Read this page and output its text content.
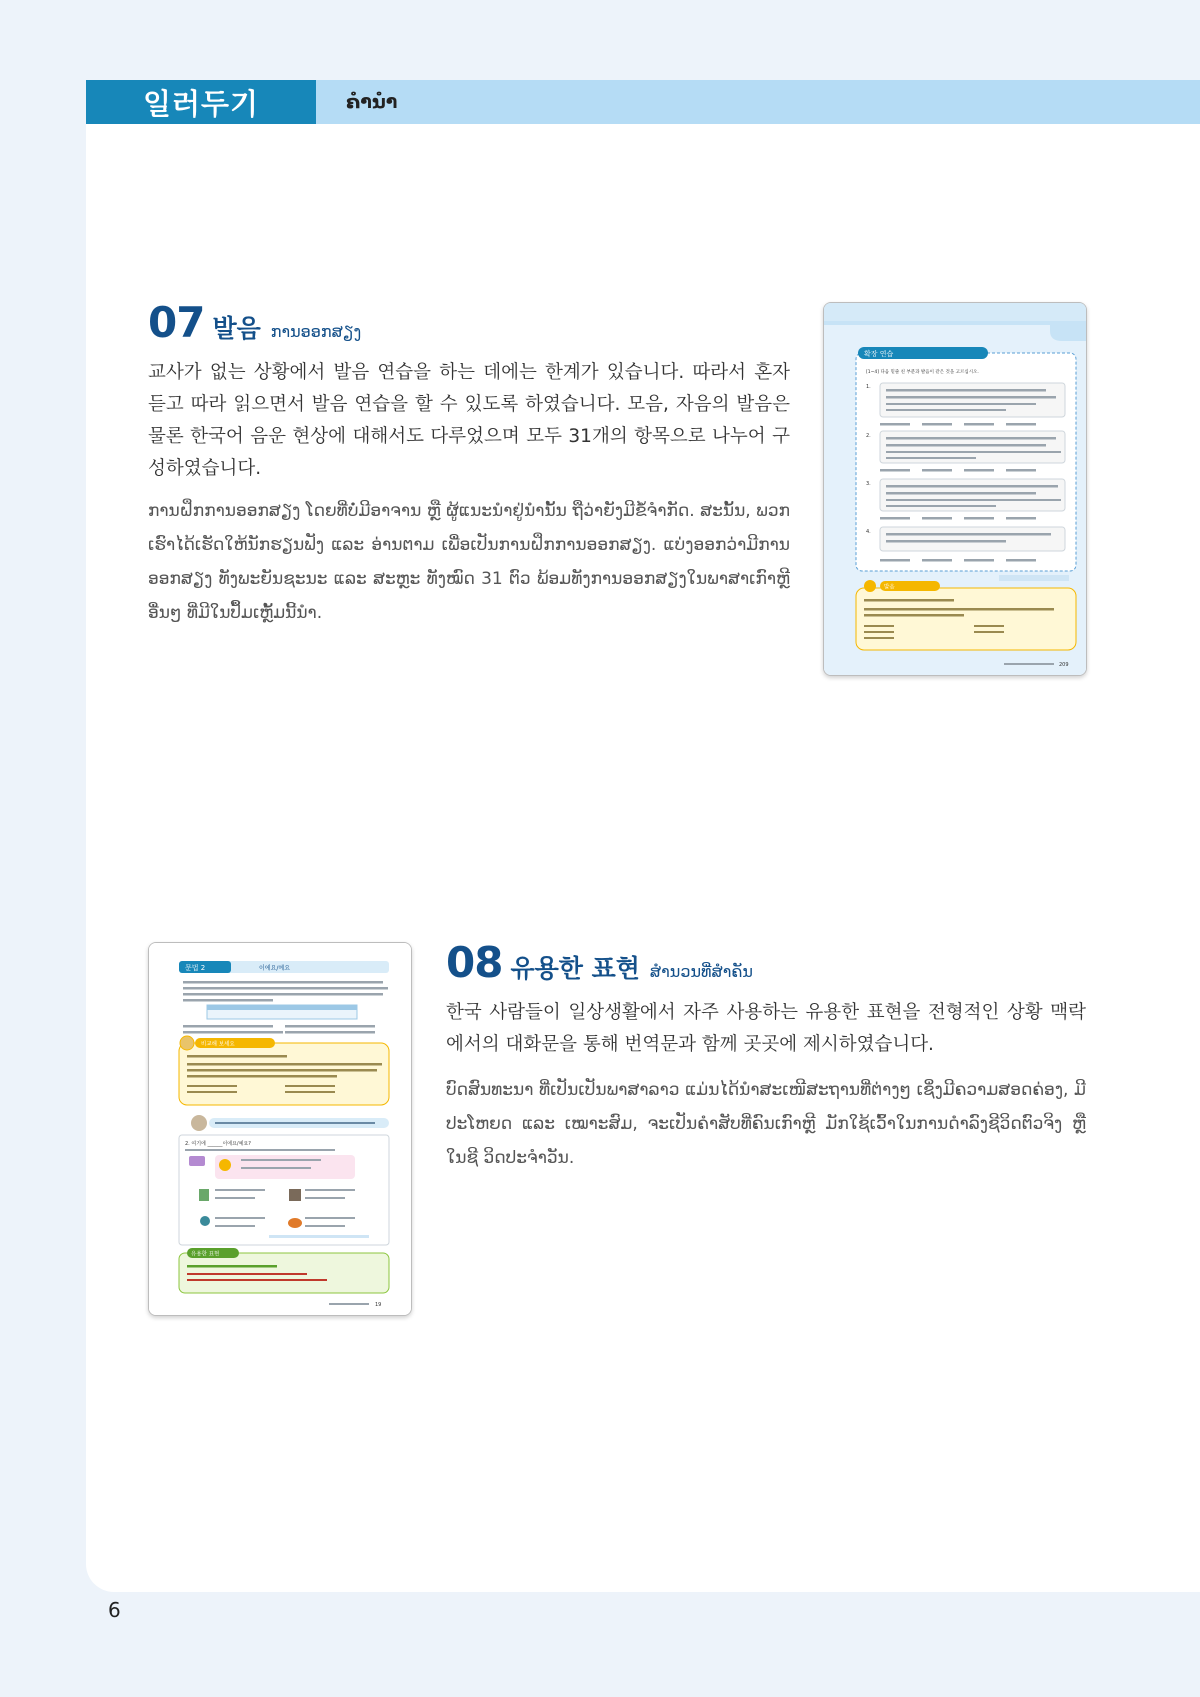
일러두기	ຄຳນຳ
07 발음 ການອອກສຽງ

교사가 없는 상황에서 발음 연습을 하는 데에는 한계가 있습니다. 따라서 혼자 듣고 따라 읽으면서 발음 연습을 할 수 있도록 하였습니다. 모음, 자음의 발음은 물론 한국어 음운 현상에 대해서도 다루었으며 모두 31개의 항목으로 나누어 구성하였습니다.

ການຝຶກການອອກສຽງ ໂດຍທີ່ບໍ່ມີອາຈານ ຫຼື ຜູ້ແນະນຳຢູ່ນຳນັ້ນ ຖືວ່າຍັງມີຂໍ້ຈຳກັດ. ສະນັ້ນ, ພວກເຮົາໄດ້ເຮັດໃຫ້ນັກຮຽນຟັງ ແລະ ອ່ານຕາມ ເພື່ອເປັນການຝຶກການອອກສຽງ. ແບ່ງອອກວ່າມີການອອກສຽງ ທັງພະຍັນຊະນະ ແລະ ສະຫຼະ ທັງໝົດ 31 ຕົວ ພ້ອມທັງການອອກສຽງໃນພາສາເກົາຫຼີອື່ນໆ ທີ່ມີໃນປຶ້ມເຫຼັ້ມນີ້ນຳ.

확장 연습
[1~4] 다음 밑줄 친 부분과 발음이 같은 것을 고르십시오.
1.
2.
3.
4.
발음
209
문법 2	이에요/예요
비교해 보세요
2. 여기에 ______이에요/예요?
유용한 표현
19
08 유용한 표현 ສຳນວນທີ່ສຳຄັນ

한국 사람들이 일상생활에서 자주 사용하는 유용한 표현을 전형적인 상황 맥락에서의 대화문을 통해 번역문과 함께 곳곳에 제시하였습니다.

ບົດສົນທະນາ ທີ່ເປັນເປັນພາສາລາວ ແມ່ນໄດ້ນຳສະເໜີສະຖານທີ່ຕ່າງໆ ເຊິ່ງມີຄວາມສອດຄ່ອງ, ມີປະໂຫຍດ ແລະ ເໝາະສົມ, ຈະເປັນຄຳສັບທີ່ຄົນເກົາຫຼີ ມັກໃຊ້ເວົ້າໃນການດຳລົງຊີວິດຕົວຈິງ ຫຼື ໃນຊີ ວິດປະຈຳວັນ.

6
